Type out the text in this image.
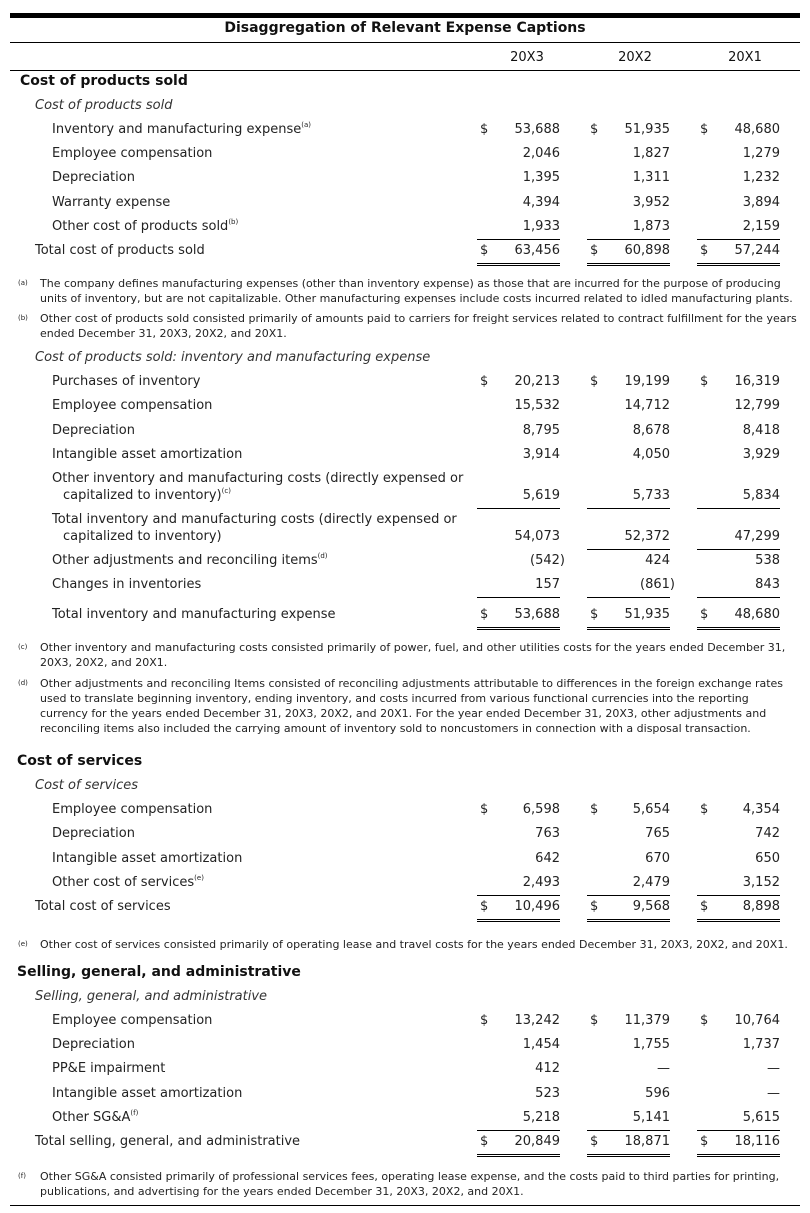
Disaggregation of Relevant Expense Captions
20X3	20X2	20X1
Cost of products sold
Cost of products sold
Inventory and manufacturing expense$^{(a)}$	$ 53,688 $ 51,935 $ 48,680
Employee compensation	2,046	1,827	1,279
Depreciation	1,395	1,311	1,232
Warranty expense	4,394	3,952	3,894
Other cost of products sold$^{(b)}$	1,933	1,873	2,159
Total cost of products sold	$ 63,456 $ 60,898 $ 57,244
(a) The company defines manufacturing expenses (other than inventory expense) as those that are incurred for the purpose of producing units of inventory, but are not capitalizable. Other manufacturing expenses include costs incurred related to idled manufacturing plants.
(b) Other cost of products sold consisted primarily of amounts paid to carriers for freight services related to contract fulfillment for the years ended December 31, 20X3, 20X2, and 20X1.
Cost of products sold: inventory and manufacturing expense
Purchases of inventory	$ 20,213 $ 19,199 $ 16,319
Employee compensation	15,532	14,712	12,799
Depreciation	8,795	8,678	8,418
Intangible asset amortization	3,914	4,050	3,929
Other inventory and manufacturing costs (directly expensed or
capitalized to inventory)$^{(c)}$	5,619	5,733	5,834
Total inventory and manufacturing costs (directly expensed or
capitalized to inventory)	54,073	52,372	47,299
Other adjustments and reconciling items$^{(d)}$	(542)	424	538
Changes in inventories	157	(861)	843
Total inventory and manufacturing expense	$ 53,688 $ 51,935 $ 48,680
(c) Other inventory and manufacturing costs consisted primarily of power, fuel, and other utilities costs for the years ended December 31, 20X3, 20X2, and 20X1.
(d) Other adjustments and reconciling Items consisted of reconciling adjustments attributable to differences in the foreign exchange rates used to translate beginning inventory, ending inventory, and costs incurred from various functional currencies into the reporting currency for the years ended December 31, 20X3, 20X2, and 20X1. For the year ended December 31, 20X3, other adjustments and reconciling items also included the carrying amount of inventory sold to noncustomers in connection with a disposal transaction.
Cost of services
Cost of services
Employee compensation	$	6,598 $	5,654 $	4,354
Depreciation	763	765	742
Intangible asset amortization	642	670	650
Other cost of services$^{(e)}$	2,493	2,479	3,152
Total cost of services	$ 10,496 $	9,568 $	8,898
(e) Other cost of services consisted primarily of operating lease and travel costs for the years ended December 31, 20X3, 20X2, and 20X1.
Selling, general, and administrative
Selling, general, and administrative
Employee compensation	$ 13,242 $ 11,379 $ 10,764
Depreciation	1,454	1,755	1,737
PP&E impairment	412	—	—
Intangible asset amortization	523	596	—
Other $SG\&A^{(f)}$	5,218	5,141	5,615
Total selling, general, and administrative	$ 20,849 $ 18,871 $ 18,116
(f) Other SG&A consisted primarily of professional services fees, operating lease expense, and the costs paid to third parties for printing, publications, and advertising for the years ended December 31, 20X3, 20X2, and 20X1.
